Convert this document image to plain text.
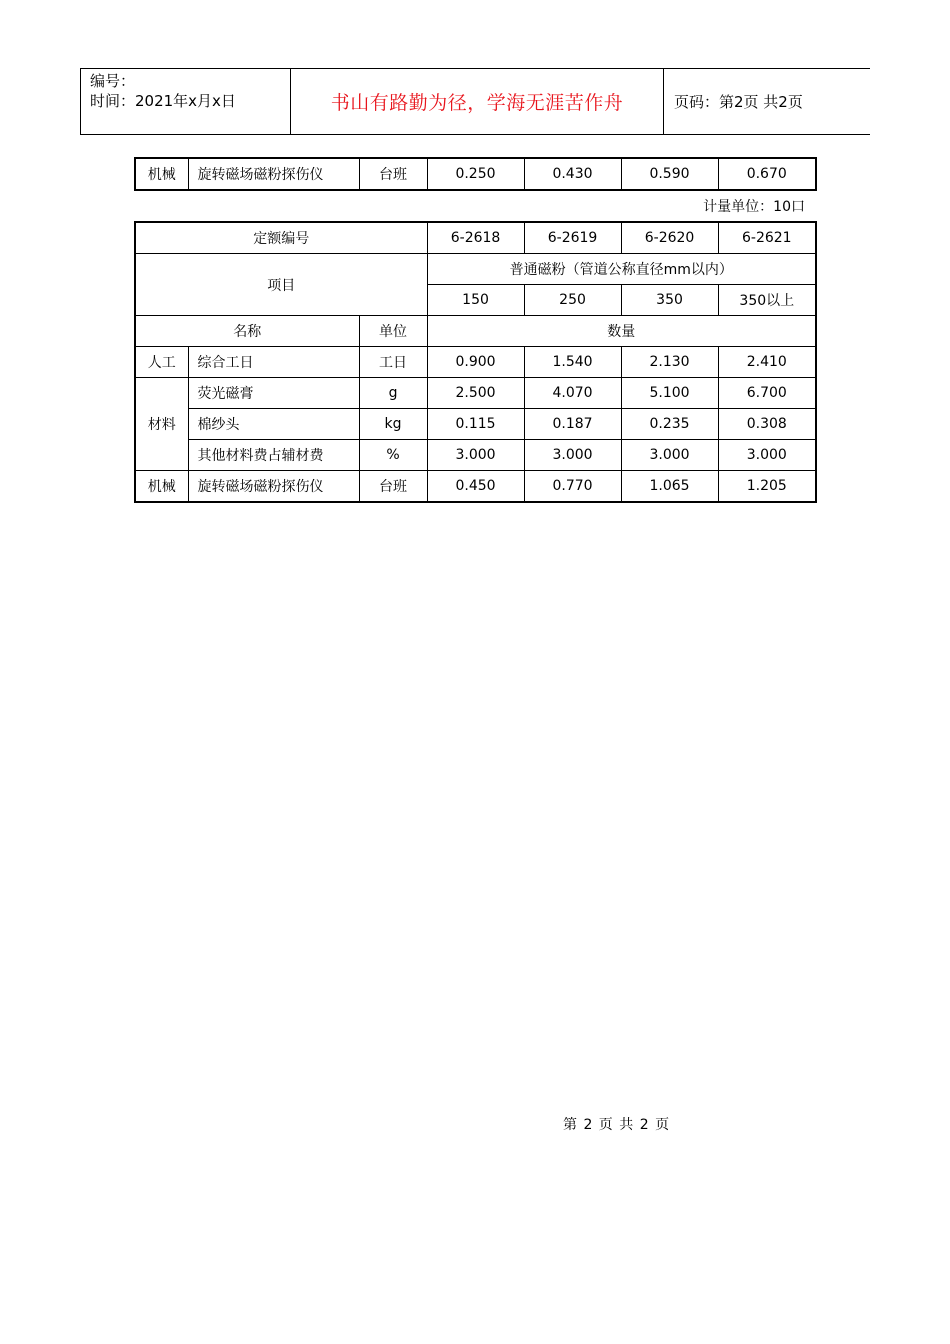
编号：
时间：2021年x月x日	书山有路勤为径，学海无涯苦作舟	页码：第2页 共2页
机械	旋转磁场磁粉探伤仪	台班	0.250	0.430	0.590	0.670
计量单位：10口
定额编号			6-2618	6-2619	6-2620	6-2621
项目			普通磁粉（管道公称直径mm以内）			
			150	250	350	350以上
名称		单位	数量			
人工	综合工日	工日	0.900	1.540	2.130	2.410
材料	荧光磁膏	g	2.500	4.070	5.100	6.700
	棉纱头	kg	0.115	0.187	0.235	0.308
	其他材料费占辅材费	%	3.000	3.000	3.000	3.000
机械	旋转磁场磁粉探伤仪	台班	0.450	0.770	1.065	1.205
第 2 页 共 2 页
